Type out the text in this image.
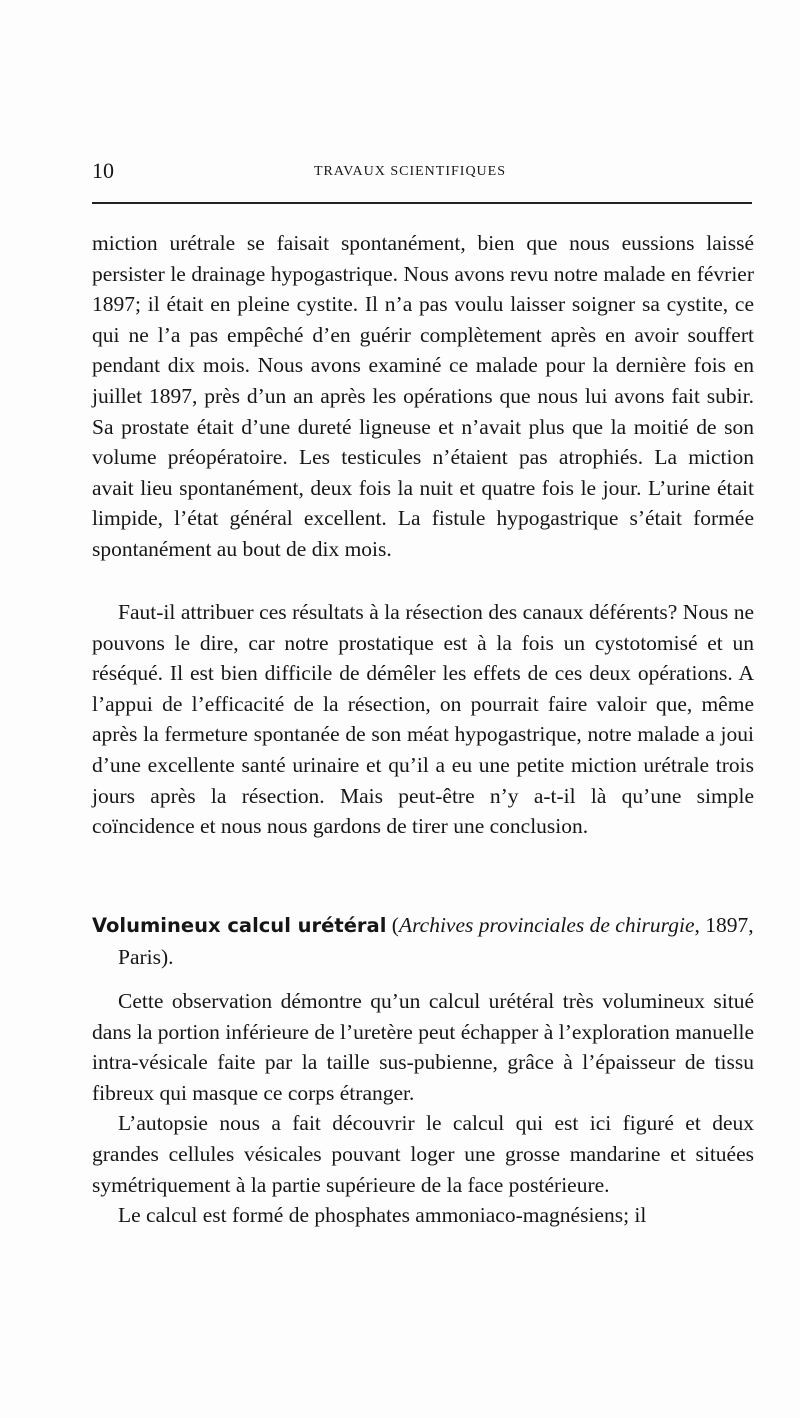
10	TRAVAUX SCIENTIFIQUES

miction urétrale se faisait spontanément, bien que nous eussions laissé persister le drainage hypogastrique. Nous avons revu notre malade en février 1897; il était en pleine cystite. Il n’a pas voulu laisser soigner sa cystite, ce qui ne l’a pas empêché d’en guérir complètement après en avoir souffert pendant dix mois. Nous avons examiné ce malade pour la dernière fois en juillet 1897, près d’un an après les opérations que nous lui avons fait subir. Sa prostate était d’une dureté ligneuse et n’avait plus que la moitié de son volume préopératoire. Les testicules n’étaient pas atrophiés. La miction avait lieu spontanément, deux fois la nuit et quatre fois le jour. L’urine était limpide, l’état général excellent. La fistule hypogastrique s’était formée spontanément au bout de dix mois.

Faut-il attribuer ces résultats à la résection des canaux déférents? Nous ne pouvons le dire, car notre prostatique est à la fois un cystotomisé et un réséqué. Il est bien difficile de démêler les effets de ces deux opérations. A l’appui de l’efficacité de la résection, on pourrait faire valoir que, même après la fermeture spontanée de son méat hypogastrique, notre malade a joui d’une excellente santé urinaire et qu’il a eu une petite miction urétrale trois jours après la résection. Mais peut-être n’y a-t-il là qu’une simple coïncidence et nous nous gardons de tirer une conclusion.

Volumineux calcul urétéral (Archives provinciales de chirurgie, 1897, Paris).

Cette observation démontre qu’un calcul urétéral très volumineux situé dans la portion inférieure de l’uretère peut échapper à l’exploration manuelle intra-vésicale faite par la taille sus-pubienne, grâce à l’épaisseur de tissu fibreux qui masque ce corps étranger.

L’autopsie nous a fait découvrir le calcul qui est ici figuré et deux grandes cellules vésicales pouvant loger une grosse mandarine et situées symétriquement à la partie supérieure de la face postérieure.

Le calcul est formé de phosphates ammoniaco-magnésiens; il
